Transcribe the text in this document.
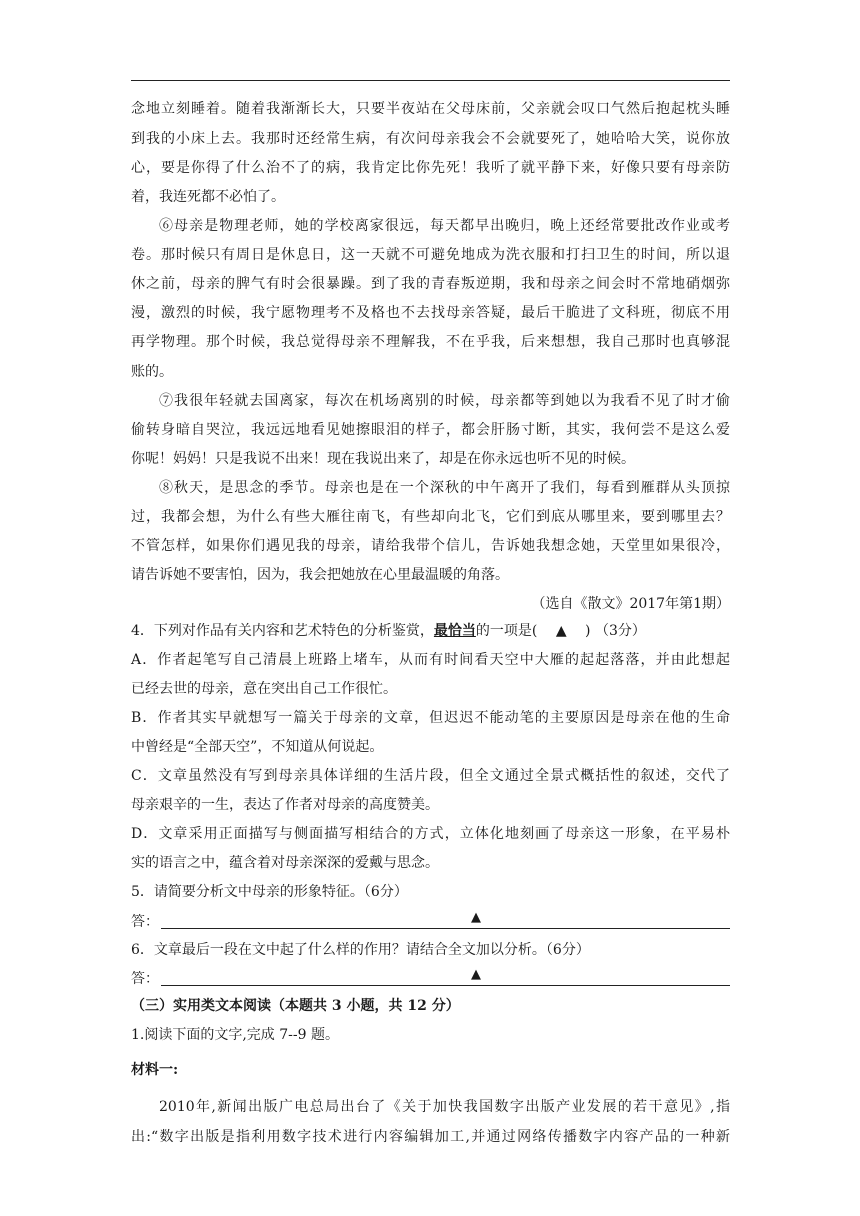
念地立刻睡着。随着我渐渐长大，只要半夜站在父母床前，父亲就会叹口气然后抱起枕头睡
到我的小床上去。我那时还经常生病，有次问母亲我会不会就要死了，她哈哈大笑，说你放
心，要是你得了什么治不了的病，我肯定比你先死！我听了就平静下来，好像只要有母亲防
着，我连死都不必怕了。
⑥母亲是物理老师，她的学校离家很远，每天都早出晚归，晚上还经常要批改作业或考
卷。那时候只有周日是休息日，这一天就不可避免地成为洗衣服和打扫卫生的时间，所以退
休之前，母亲的脾气有时会很暴躁。到了我的青春叛逆期，我和母亲之间会时不常地硝烟弥
漫，激烈的时候，我宁愿物理考不及格也不去找母亲答疑，最后干脆进了文科班，彻底不用
再学物理。那个时候，我总觉得母亲不理解我，不在乎我，后来想想，我自己那时也真够混
账的。
⑦我很年轻就去国离家，每次在机场离别的时候，母亲都等到她以为我看不见了时才偷
偷转身暗自哭泣，我远远地看见她擦眼泪的样子，都会肝肠寸断，其实，我何尝不是这么爱
你呢！妈妈！只是我说不出来！现在我说出来了，却是在你永远也听不见的时候。
⑧秋天，是思念的季节。母亲也是在一个深秋的中午离开了我们，每看到雁群从头顶掠
过，我都会想，为什么有些大雁往南飞，有些却向北飞，它们到底从哪里来，要到哪里去？
不管怎样，如果你们遇见我的母亲，请给我带个信儿，告诉她我想念她，天堂里如果很冷，
请告诉她不要害怕，因为，我会把她放在心里最温暖的角落。
（选自《散文》2017年第1期）
4．下列对作品有关内容和艺术特色的分析鉴赏，最恰当的一项是(　 ▲　 ) （3分）
A．作者起笔写自己清晨上班路上堵车，从而有时间看天空中大雁的起起落落，并由此想起
已经去世的母亲，意在突出自己工作很忙。
B．作者其实早就想写一篇关于母亲的文章，但迟迟不能动笔的主要原因是母亲在他的生命
中曾经是“全部天空”，不知道从何说起。
C．文章虽然没有写到母亲具体详细的生活片段，但全文通过全景式概括性的叙述，交代了
母亲艰辛的一生，表达了作者对母亲的高度赞美。
D．文章采用正面描写与侧面描写相结合的方式，立体化地刻画了母亲这一形象，在平易朴
实的语言之中，蕴含着对母亲深深的爱戴与思念。
5．请简要分析文中母亲的形象特征。（6分）
答：	▲
6．文章最后一段在文中起了什么样的作用？请结合全文加以分析。（6分）
答：	▲
（三）实用类文本阅读（本题共 3 小题，共 12 分）
1.阅读下面的文字,完成 7--9 题。
材料一:
2010年,新闻出版广电总局出台了《关于加快我国数字出版产业发展的若干意见》,指
出:“数字出版是指利用数字技术进行内容编辑加工,并通过网络传播数字内容产品的一种新
